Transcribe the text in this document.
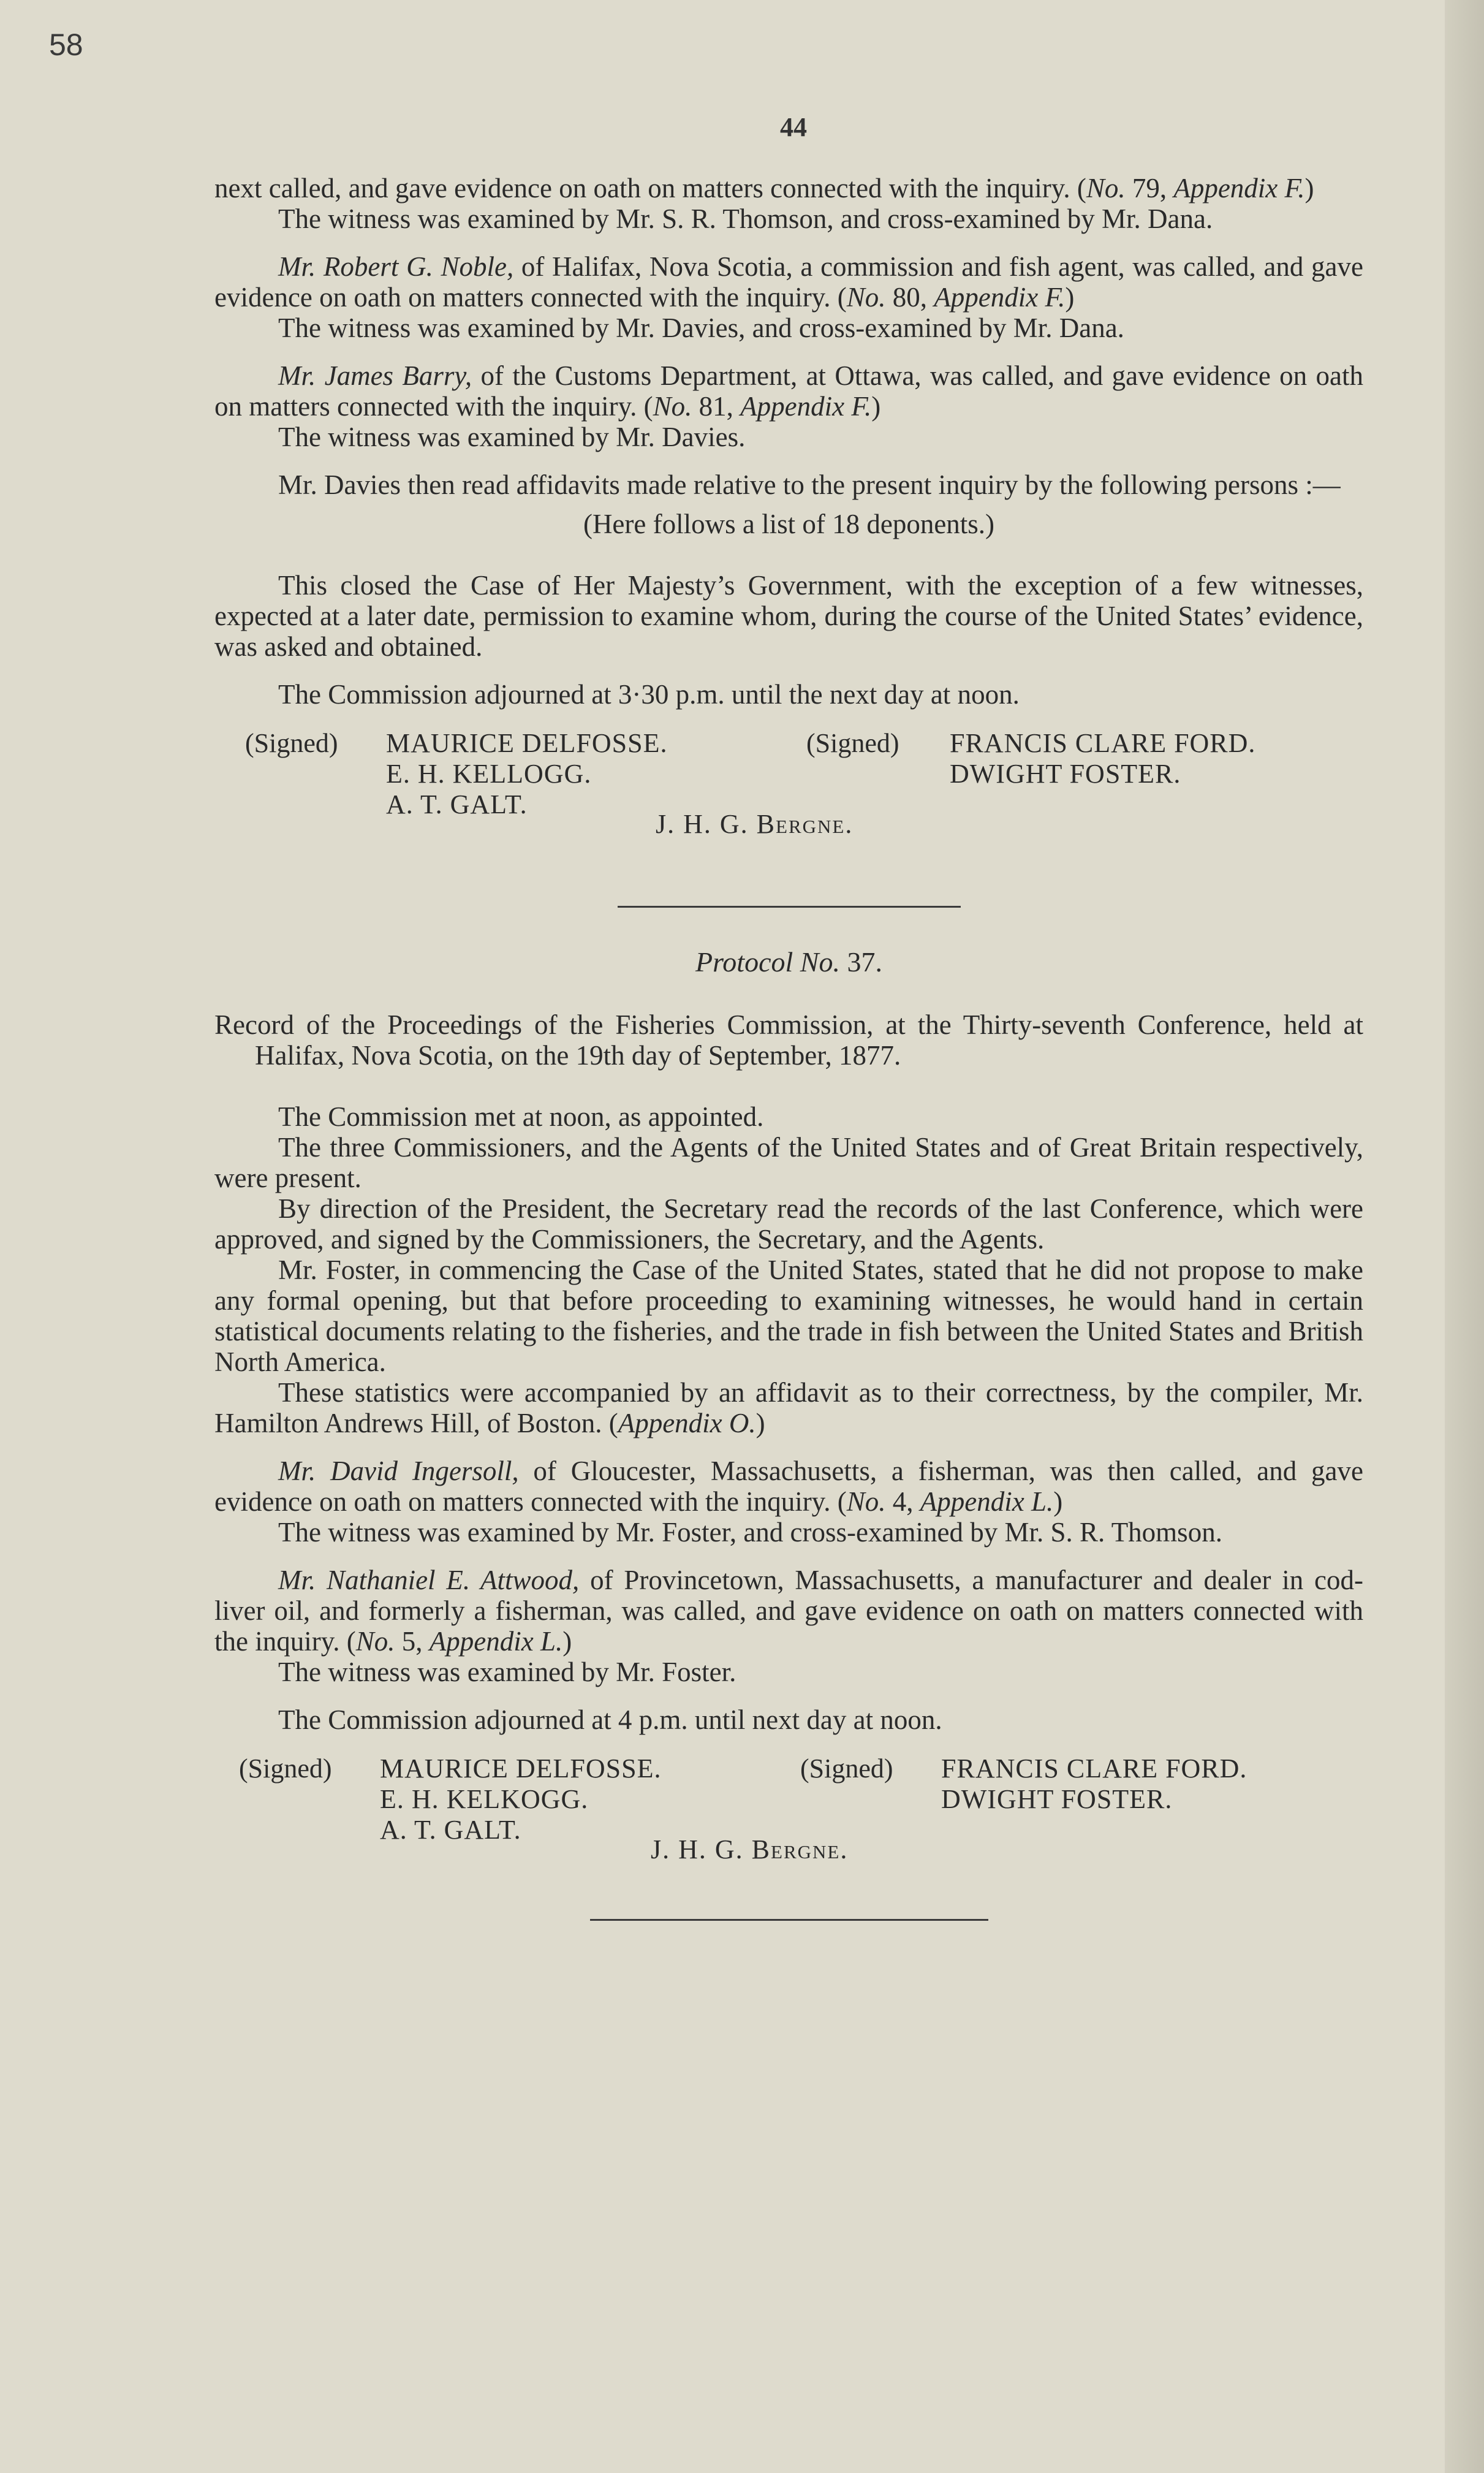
58
44

next called, and gave evidence on oath on matters connected with the inquiry. (No. 79, Appendix F.)

The witness was examined by Mr. S. R. Thomson, and cross-examined by Mr. Dana.

Mr. Robert G. Noble, of Halifax, Nova Scotia, a commission and fish agent, was called, and gave evidence on oath on matters connected with the inquiry. (No. 80, Appendix F.)

The witness was examined by Mr. Davies, and cross-examined by Mr. Dana.

Mr. James Barry, of the Customs Department, at Ottawa, was called, and gave evidence on oath on matters connected with the inquiry. (No. 81, Appendix F.)

The witness was examined by Mr. Davies.

Mr. Davies then read affidavits made relative to the present inquiry by the following persons :—

(Here follows a list of 18 deponents.)

This closed the Case of Her Majesty’s Government, with the exception of a few witnesses, expected at a later date, permission to examine whom, during the course of the United States’ evidence, was asked and obtained.

The Commission adjourned at 3·30 p.m. until the next day at noon.

(Signed) MAURICE DELFOSSE.
E. H. KELLOGG.
A. T. GALT.
(Signed) FRANCIS CLARE FORD.
DWIGHT FOSTER.
J. H. G. Bergne.

Protocol No. 37.

Record of the Proceedings of the Fisheries Commission, at the Thirty-seventh Conference, held at Halifax, Nova Scotia, on the 19th day of September, 1877.

The Commission met at noon, as appointed.

The three Commissioners, and the Agents of the United States and of Great Britain respectively, were present.

By direction of the President, the Secretary read the records of the last Conference, which were approved, and signed by the Commissioners, the Secretary, and the Agents.

Mr. Foster, in commencing the Case of the United States, stated that he did not propose to make any formal opening, but that before proceeding to examining witnesses, he would hand in certain statistical documents relating to the fisheries, and the trade in fish between the United States and British North America.

These statistics were accompanied by an affidavit as to their correctness, by the compiler, Mr. Hamilton Andrews Hill, of Boston. (Appendix O.)

Mr. David Ingersoll, of Gloucester, Massachusetts, a fisherman, was then called, and gave evidence on oath on matters connected with the inquiry. (No. 4, Appendix L.)

The witness was examined by Mr. Foster, and cross-examined by Mr. S. R. Thomson.

Mr. Nathaniel E. Attwood, of Provincetown, Massachusetts, a manufacturer and dealer in cod-liver oil, and formerly a fisherman, was called, and gave evidence on oath on matters connected with the inquiry. (No. 5, Appendix L.)

The witness was examined by Mr. Foster.

The Commission adjourned at 4 p.m. until next day at noon.

(Signed) MAURICE DELFOSSE.
E. H. KELKOGG.
A. T. GALT.
(Signed) FRANCIS CLARE FORD.
DWIGHT FOSTER.
J. H. G. Bergne.
